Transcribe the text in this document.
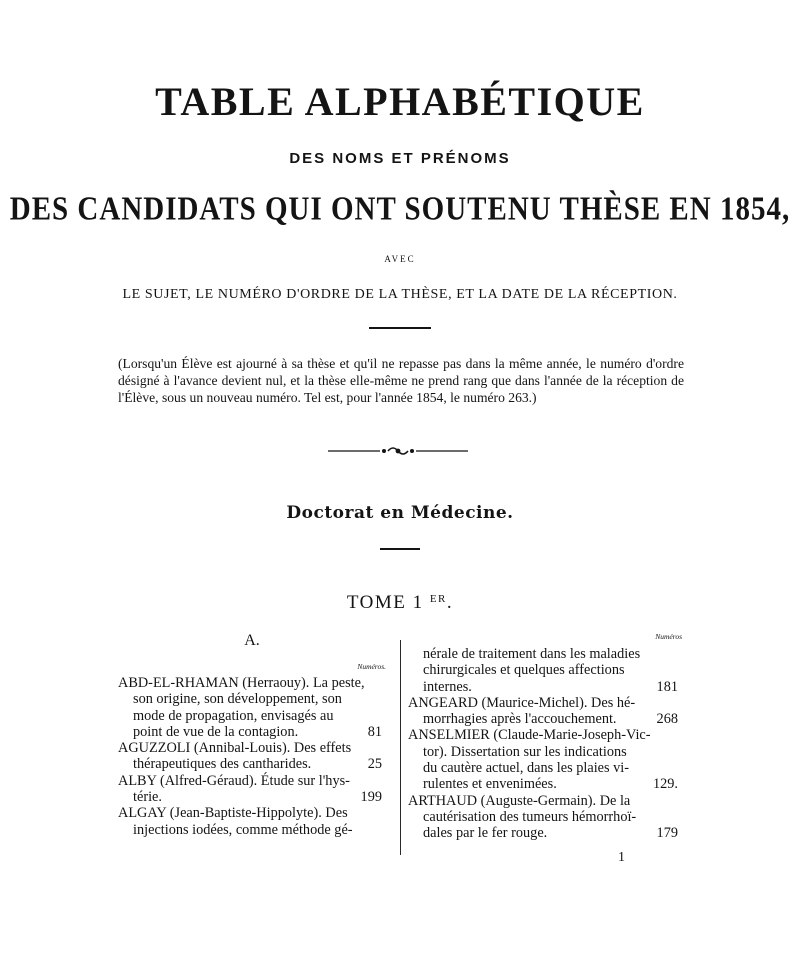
TABLE ALPHABÉTIQUE
DES NOMS ET PRÉNOMS
DES CANDIDATS QUI ONT SOUTENU THÈSE EN 1854,
AVEC
LE SUJET, LE NUMÉRO D'ORDRE DE LA THÈSE, ET LA DATE DE LA RÉCEPTION.
(Lorsqu'un Élève est ajourné à sa thèse et qu'il ne repasse pas dans la même année, le numéro d'ordre désigné à l'avance devient nul, et la thèse elle-même ne prend rang que dans l'année de la réception de l'Élève, sous un nouveau numéro. Tel est, pour l'année 1854, le numéro 263.)
Doctorat en Médecine.
TOME 1 $^{ER}$.
A.
Numéros.
ABD-EL-RHAMAN (Herraouy). La peste,
son origine, son développement, son
mode de propagation, envisagés au
point de vue de la contagion.	81
AGUZZOLI (Annibal-Louis). Des effets
thérapeutiques des cantharides.	25
ALBY (Alfred-Géraud). Étude sur l'hys-
térie.	199
ALGAY (Jean-Baptiste-Hippolyte). Des
injections iodées, comme méthode gé-
Numéros
nérale de traitement dans les maladies
chirurgicales et quelques affections
internes.	181
ANGEARD (Maurice-Michel). Des hé-
morrhagies après l'accouchement.	268
ANSELMIER (Claude-Marie-Joseph-Vic-
tor). Dissertation sur les indications
du cautère actuel, dans les plaies vi-
rulentes et envenimées.	129.
ARTHAUD (Auguste-Germain). De la
cautérisation des tumeurs hémorrhoï-
dales par le fer rouge.	179
1
